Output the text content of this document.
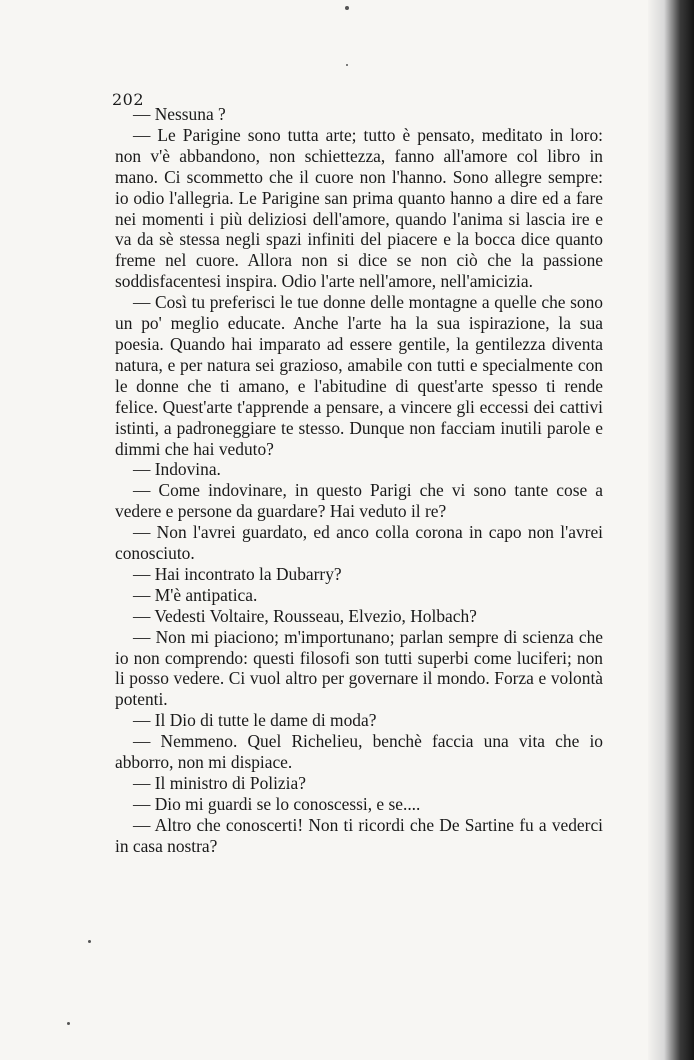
202

— Nessuna ?

— Le Parigine sono tutta arte; tutto è pensato, meditato in loro: non v'è abbandono, non schiettezza, fanno all'amore col libro in mano. Ci scommetto che il cuore non l'hanno. Sono allegre sempre: io odio l'allegria. Le Parigine san prima quanto hanno a dire ed a fare nei momenti i più deliziosi dell'amore, quando l'anima si lascia ire e va da sè stessa negli spazi infiniti del piacere e la bocca dice quanto freme nel cuore. Allora non si dice se non ciò che la passione soddisfacentesi inspira. Odio l'arte nell'amore, nell'amicizia.

— Così tu preferisci le tue donne delle montagne a quelle che sono un po' meglio educate. Anche l'arte ha la sua ispirazione, la sua poesia. Quando hai imparato ad essere gentile, la gentilezza diventa natura, e per natura sei grazioso, amabile con tutti e specialmente con le donne che ti amano, e l'abitudine di quest'arte spesso ti rende felice. Quest'arte t'apprende a pensare, a vincere gli eccessi dei cattivi istinti, a padroneggiare te stesso. Dunque non facciam inutili parole e dimmi che hai veduto?

— Indovina.

— Come indovinare, in questo Parigi che vi sono tante cose a vedere e persone da guardare? Hai veduto il re?

— Non l'avrei guardato, ed anco colla corona in capo non l'avrei conosciuto.

— Hai incontrato la Dubarry?

— M'è antipatica.

— Vedesti Voltaire, Rousseau, Elvezio, Holbach?

— Non mi piaciono; m'importunano; parlan sempre di scienza che io non comprendo: questi filosofi son tutti superbi come luciferi; non li posso vedere. Ci vuol altro per governare il mondo. Forza e volontà potenti.

— Il Dio di tutte le dame di moda?

— Nemmeno. Quel Richelieu, benchè faccia una vita che io abborro, non mi dispiace.

— Il ministro di Polizia?

— Dio mi guardi se lo conoscessi, e se....

— Altro che conoscerti! Non ti ricordi che De Sartine fu a vederci in casa nostra?
